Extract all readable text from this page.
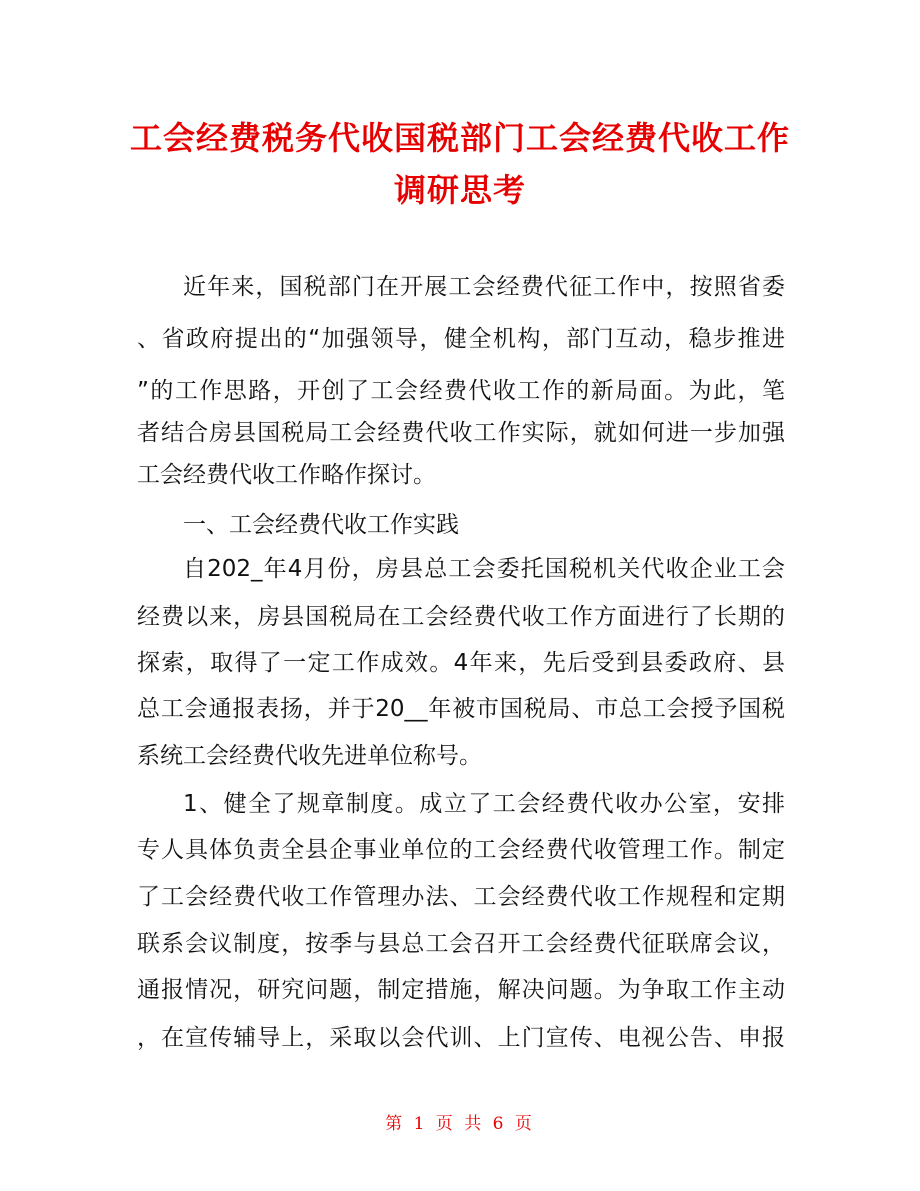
工会经费税务代收国税部门工会经费代收工作
调研思考
近年来，国税部门在开展工会经费代征工作中，按照省委
、省政府提出的“加强领导，健全机构，部门互动，稳步推进
”的工作思路，开创了工会经费代收工作的新局面。为此，笔
者结合房县国税局工会经费代收工作实际，就如何进一步加强
工会经费代收工作略作探讨。
一、工会经费代收工作实践
自202_年4月份，房县总工会委托国税机关代收企业工会
经费以来，房县国税局在工会经费代收工作方面进行了长期的
探索，取得了一定工作成效。4年来，先后受到县委政府、县
总工会通报表扬，并于20__年被市国税局、市总工会授予国税
系统工会经费代收先进单位称号。
1、健全了规章制度。成立了工会经费代收办公室，安排
专人具体负责全县企事业单位的工会经费代收管理工作。制定
了工会经费代收工作管理办法、工会经费代收工作规程和定期
联系会议制度，按季与县总工会召开工会经费代征联席会议，
通报情况，研究问题，制定措施，解决问题。为争取工作主动
，在宣传辅导上，采取以会代训、上门宣传、电视公告、申报
第 1 页 共 6 页
